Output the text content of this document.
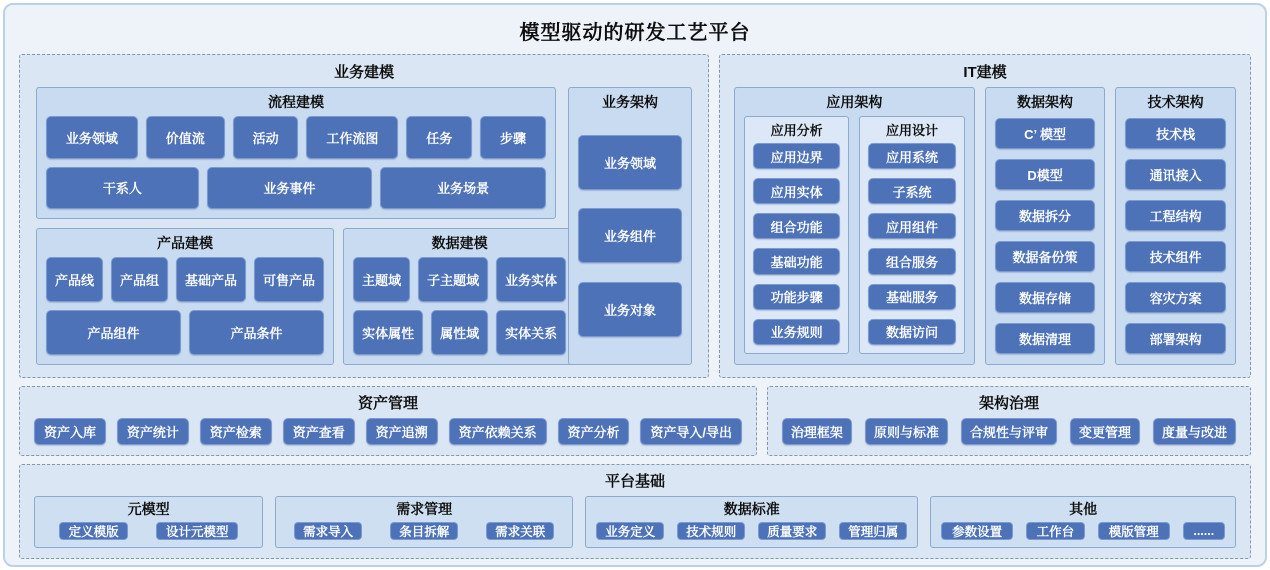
模型驱动的研发工艺平台
业务建模
流程建模
业务领域	价值流	活动	工作流图	任务	步骤
干系人	业务事件	业务场景
产品建模
产品线	产品组	基础产品	可售产品
产品组件	产品条件
数据建模
主题域	子主题域	业务实体
实体属性	属性域	实体关系
业务架构
业务领域
业务组件
业务对象
IT建模
应用架构
应用分析
应用边界
应用实体
组合功能
基础功能
功能步骤
业务规则
应用设计
应用系统
子系统
应用组件
组合服务
基础服务
数据访问
数据架构
C’ 模型
D模型
数据拆分
数据备份策
数据存储
数据清理
技术架构
技术栈
通讯接入
工程结构
技术组件
容灾方案
部署架构
资产管理
资产入库	资产统计	资产检索	资产查看	资产追溯	资产依赖关系	资产分析	资产导入/导出
架构治理
治理框架	原则与标准	合规性与评审	变更管理	度量与改进
平台基础
元模型
定义模版	设计元模型
需求管理
需求导入	条目拆解	需求关联
数据标准
业务定义	技术规则	质量要求	管理归属
其他
参数设置	工作台	模版管理	......
